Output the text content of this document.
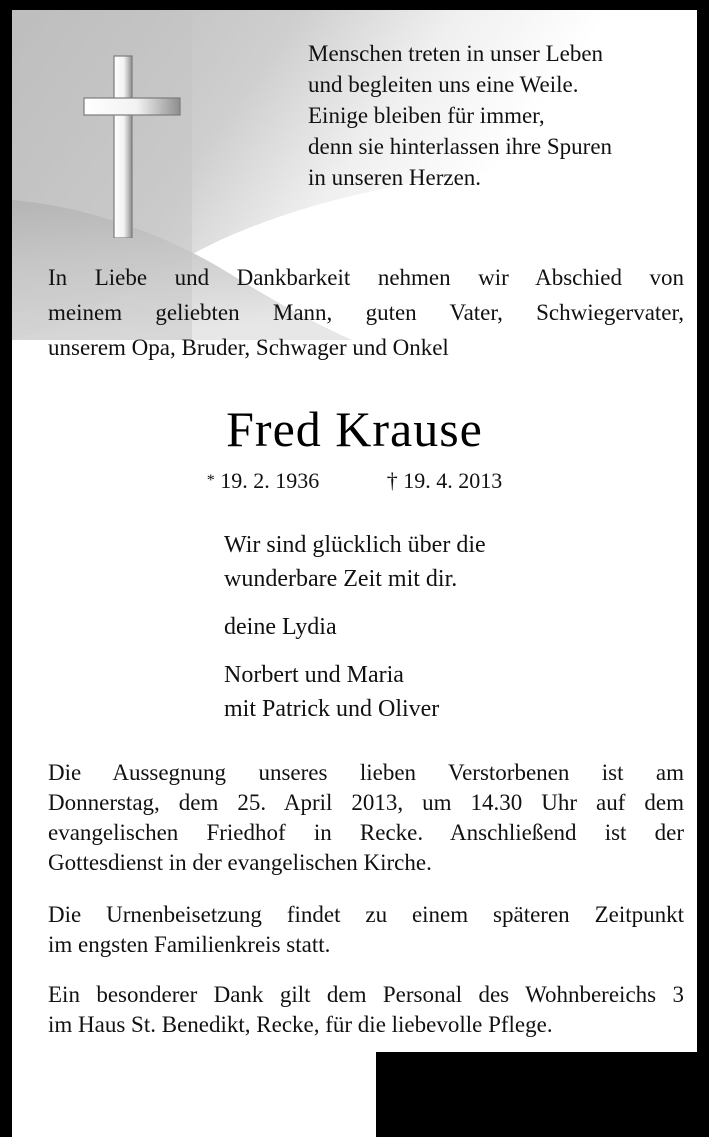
Menschen treten in unser Leben
und begleiten uns eine Weile.
Einige bleiben für immer,
denn sie hinterlassen ihre Spuren
in unseren Herzen.
In Liebe und Dankbarkeit nehmen wir Abschied von
meinem geliebten Mann, guten Vater, Schwiegervater,
unserem Opa, Bruder, Schwager und Onkel
Fred Krause
* 19. 2. 1936	† 19. 4. 2013
Wir sind glücklich über die
wunderbare Zeit mit dir.
deine Lydia
Norbert und Maria
mit Patrick und Oliver
Die Aussegnung unseres lieben Verstorbenen ist am
Donnerstag, dem 25. April 2013, um 14.30 Uhr auf dem
evangelischen Friedhof in Recke. Anschließend ist der
Gottesdienst in der evangelischen Kirche.
Die Urnenbeisetzung findet zu einem späteren Zeitpunkt
im engsten Familienkreis statt.
Ein besonderer Dank gilt dem Personal des Wohnbereichs 3
im Haus St. Benedikt, Recke, für die liebevolle Pflege.
